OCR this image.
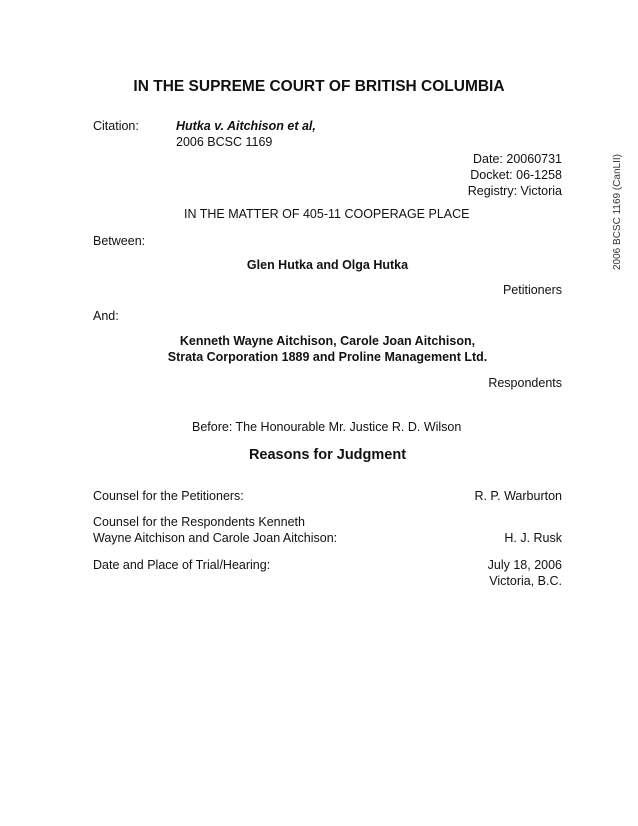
IN THE SUPREME COURT OF BRITISH COLUMBIA
Citation:	Hutka v. Aitchison et al,
2006 BCSC 1169
Date: 20060731
Docket: 06-1258
Registry: Victoria
IN THE MATTER OF 405-11 COOPERAGE PLACE
Between:
Glen Hutka and Olga Hutka
Petitioners
And:
Kenneth Wayne Aitchison, Carole Joan Aitchison,
Strata Corporation 1889 and Proline Management Ltd.
Respondents
Before: The Honourable Mr. Justice R. D. Wilson
Reasons for Judgment
Counsel for the Petitioners:	R. P. Warburton
Counsel for the Respondents Kenneth
Wayne Aitchison and Carole Joan Aitchison:	H. J. Rusk
Date and Place of Trial/Hearing:	July 18, 2006
Victoria, B.C.
2006 BCSC 1169 (CanLII)
